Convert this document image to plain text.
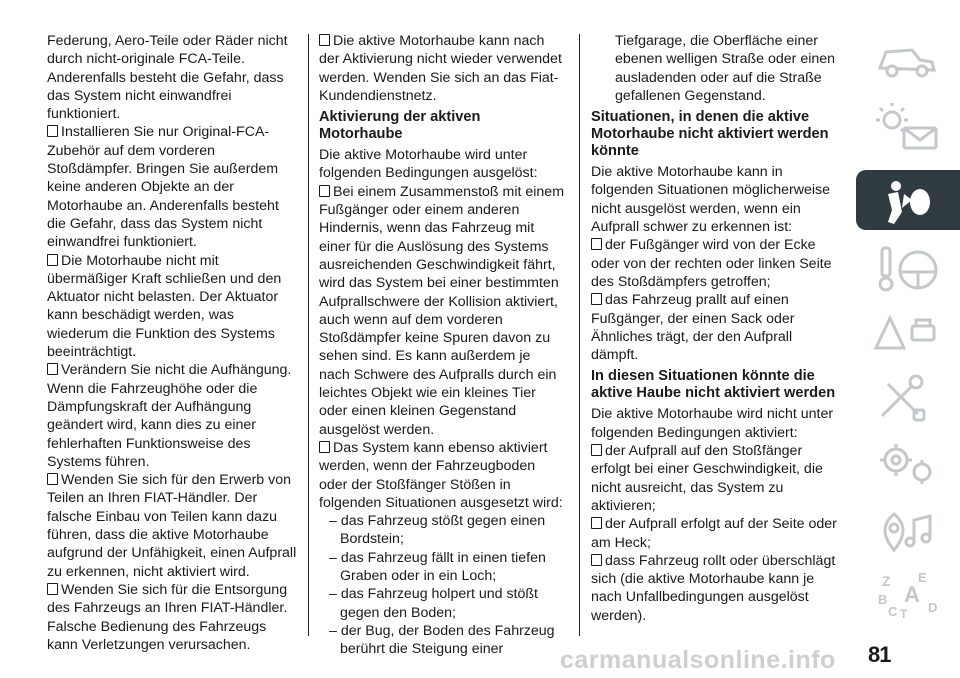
Federung, Aero-Teile oder Räder nicht durch nicht-originale FCA-Teile. Anderenfalls besteht die Gefahr, dass das System nicht einwandfrei funktioniert.

Installieren Sie nur Original-FCA-Zubehör auf dem vorderen Stoßdämpfer. Bringen Sie außerdem keine anderen Objekte an der Motorhaube an. Anderenfalls besteht die Gefahr, dass das System nicht einwandfrei funktioniert.

Die Motorhaube nicht mit übermäßiger Kraft schließen und den Aktuator nicht belasten. Der Aktuator kann beschädigt werden, was wiederum die Funktion des Systems beeinträchtigt.

Verändern Sie nicht die Aufhängung. Wenn die Fahrzeughöhe oder die Dämpfungskraft der Aufhängung geändert wird, kann dies zu einer fehlerhaften Funktionsweise des Systems führen.

Wenden Sie sich für den Erwerb von Teilen an Ihren FIAT-Händler. Der falsche Einbau von Teilen kann dazu führen, dass die aktive Motorhaube aufgrund der Unfähigkeit, einen Aufprall zu erkennen, nicht aktiviert wird.

Wenden Sie sich für die Entsorgung des Fahrzeugs an Ihren FIAT-Händler. Falsche Bedienung des Fahrzeugs kann Verletzungen verursachen.

Die aktive Motorhaube kann nach der Aktivierung nicht wieder verwendet werden. Wenden Sie sich an das Fiat-Kundendienstnetz.

Aktivierung der aktiven Motorhaube

Die aktive Motorhaube wird unter folgenden Bedingungen ausgelöst:

Bei einem Zusammenstoß mit einem Fußgänger oder einem anderen Hindernis, wenn das Fahrzeug mit einer für die Auslösung des Systems ausreichenden Geschwindigkeit fährt, wird das System bei einer bestimmten Aufprallschwere der Kollision aktiviert, auch wenn auf dem vorderen Stoßdämpfer keine Spuren davon zu sehen sind. Es kann außerdem je nach Schwere des Aufpralls durch ein leichtes Objekt wie ein kleines Tier oder einen kleinen Gegenstand ausgelöst werden.

Das System kann ebenso aktiviert werden, wenn der Fahrzeugboden oder der Stoßfänger Stößen in folgenden Situationen ausgesetzt wird:

– das Fahrzeug stößt gegen einen Bordstein;

– das Fahrzeug fällt in einen tiefen Graben oder in ein Loch;

– das Fahrzeug holpert und stößt gegen den Boden;

– der Bug, der Boden des Fahrzeug berührt die Steigung einer

Tiefgarage, die Oberfläche einer ebenen welligen Straße oder einen ausladenden oder auf die Straße gefallenen Gegenstand.

Situationen, in denen die aktive Motorhaube nicht aktiviert werden könnte

Die aktive Motorhaube kann in folgenden Situationen möglicherweise nicht ausgelöst werden, wenn ein Aufprall schwer zu erkennen ist:

der Fußgänger wird von der Ecke oder von der rechten oder linken Seite des Stoßdämpfers getroffen;

das Fahrzeug prallt auf einen Fußgänger, der einen Sack oder Ähnliches trägt, der den Aufprall dämpft.

In diesen Situationen könnte die aktive Haube nicht aktiviert werden

Die aktive Motorhaube wird nicht unter folgenden Bedingungen aktiviert:

der Aufprall auf den Stoßfänger erfolgt bei einer Geschwindigkeit, die nicht ausreicht, das System zu aktivieren;

der Aufprall erfolgt auf der Seite oder am Heck;

dass Fahrzeug rollt oder überschlägt sich (die aktive Motorhaube kann je nach Unfallbedingungen ausgelöst werden).

Z E
B A
C T D
carmanualsonline.info 81
